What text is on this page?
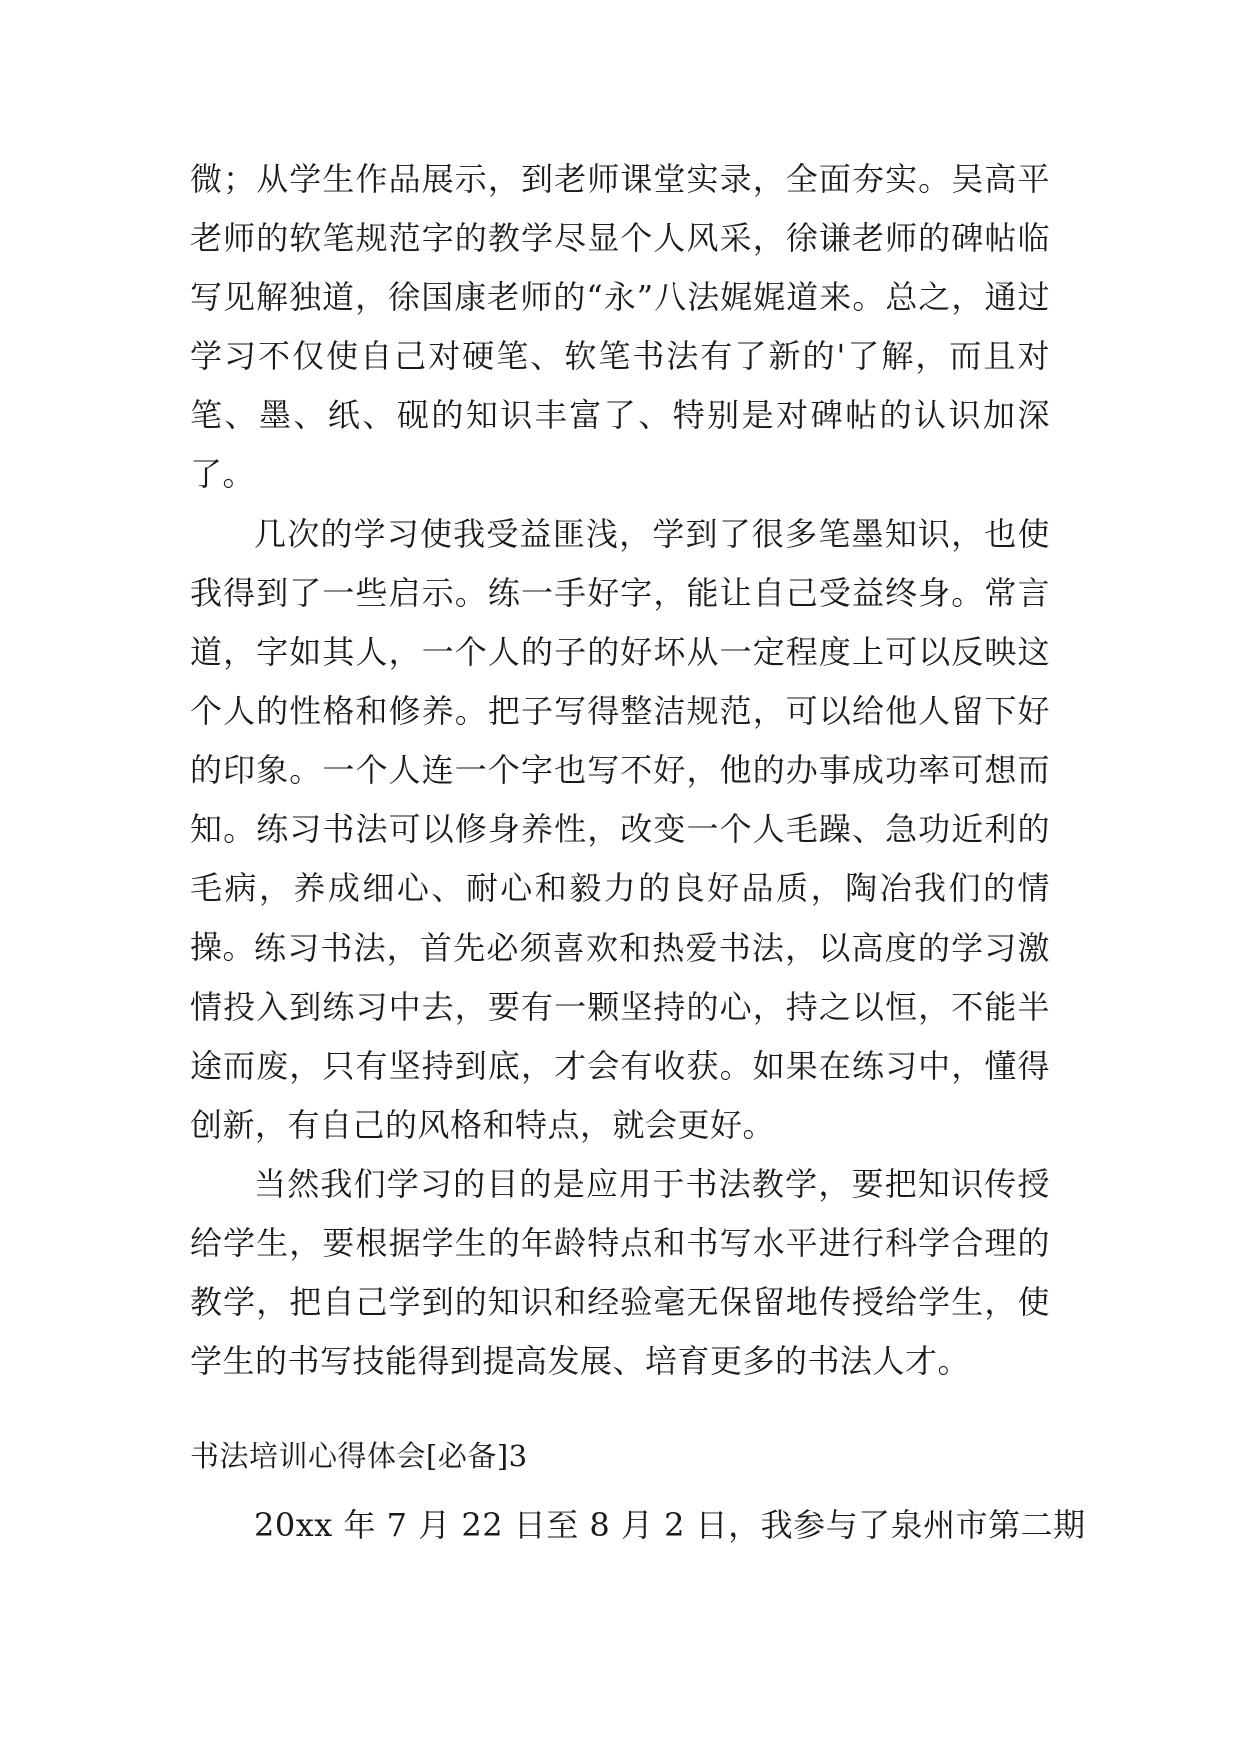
微；从学生作品展示，到老师课堂实录，全面夯实。吴高平老师的软笔规范字的教学尽显个人风采，徐谦老师的碑帖临写见解独道，徐国康老师的“永”八法娓娓道来。总之，通过学习不仅使自己对硬笔、软笔书法有了新的'了解，而且对笔、墨、纸、砚的知识丰富了、特别是对碑帖的认识加深了。

几次的学习使我受益匪浅，学到了很多笔墨知识，也使我得到了一些启示。练一手好字，能让自己受益终身。常言道，字如其人，一个人的子的好坏从一定程度上可以反映这个人的性格和修养。把子写得整洁规范，可以给他人留下好的印象。一个人连一个字也写不好，他的办事成功率可想而知。练习书法可以修身养性，改变一个人毛躁、急功近利的毛病，养成细心、耐心和毅力的良好品质，陶冶我们的情操。

练习书法，首先必须喜欢和热爱书法，以高度的学习激情投入到练习中去，要有一颗坚持的心，持之以恒，不能半途而废，只有坚持到底，才会有收获。如果在练习中，懂得创新，有自己的风格和特点，就会更好。

当然我们学习的目的是应用于书法教学，要把知识传授给学生，要根据学生的年龄特点和书写水平进行科学合理的教学，把自己学到的知识和经验毫无保留地传授给学生，使学生的书写技能得到提高发展、培育更多的书法人才。

书法培训心得体会[必备]3
20xx 年 7 月 22 日至 8 月 2 日，我参与了泉州市第二期
